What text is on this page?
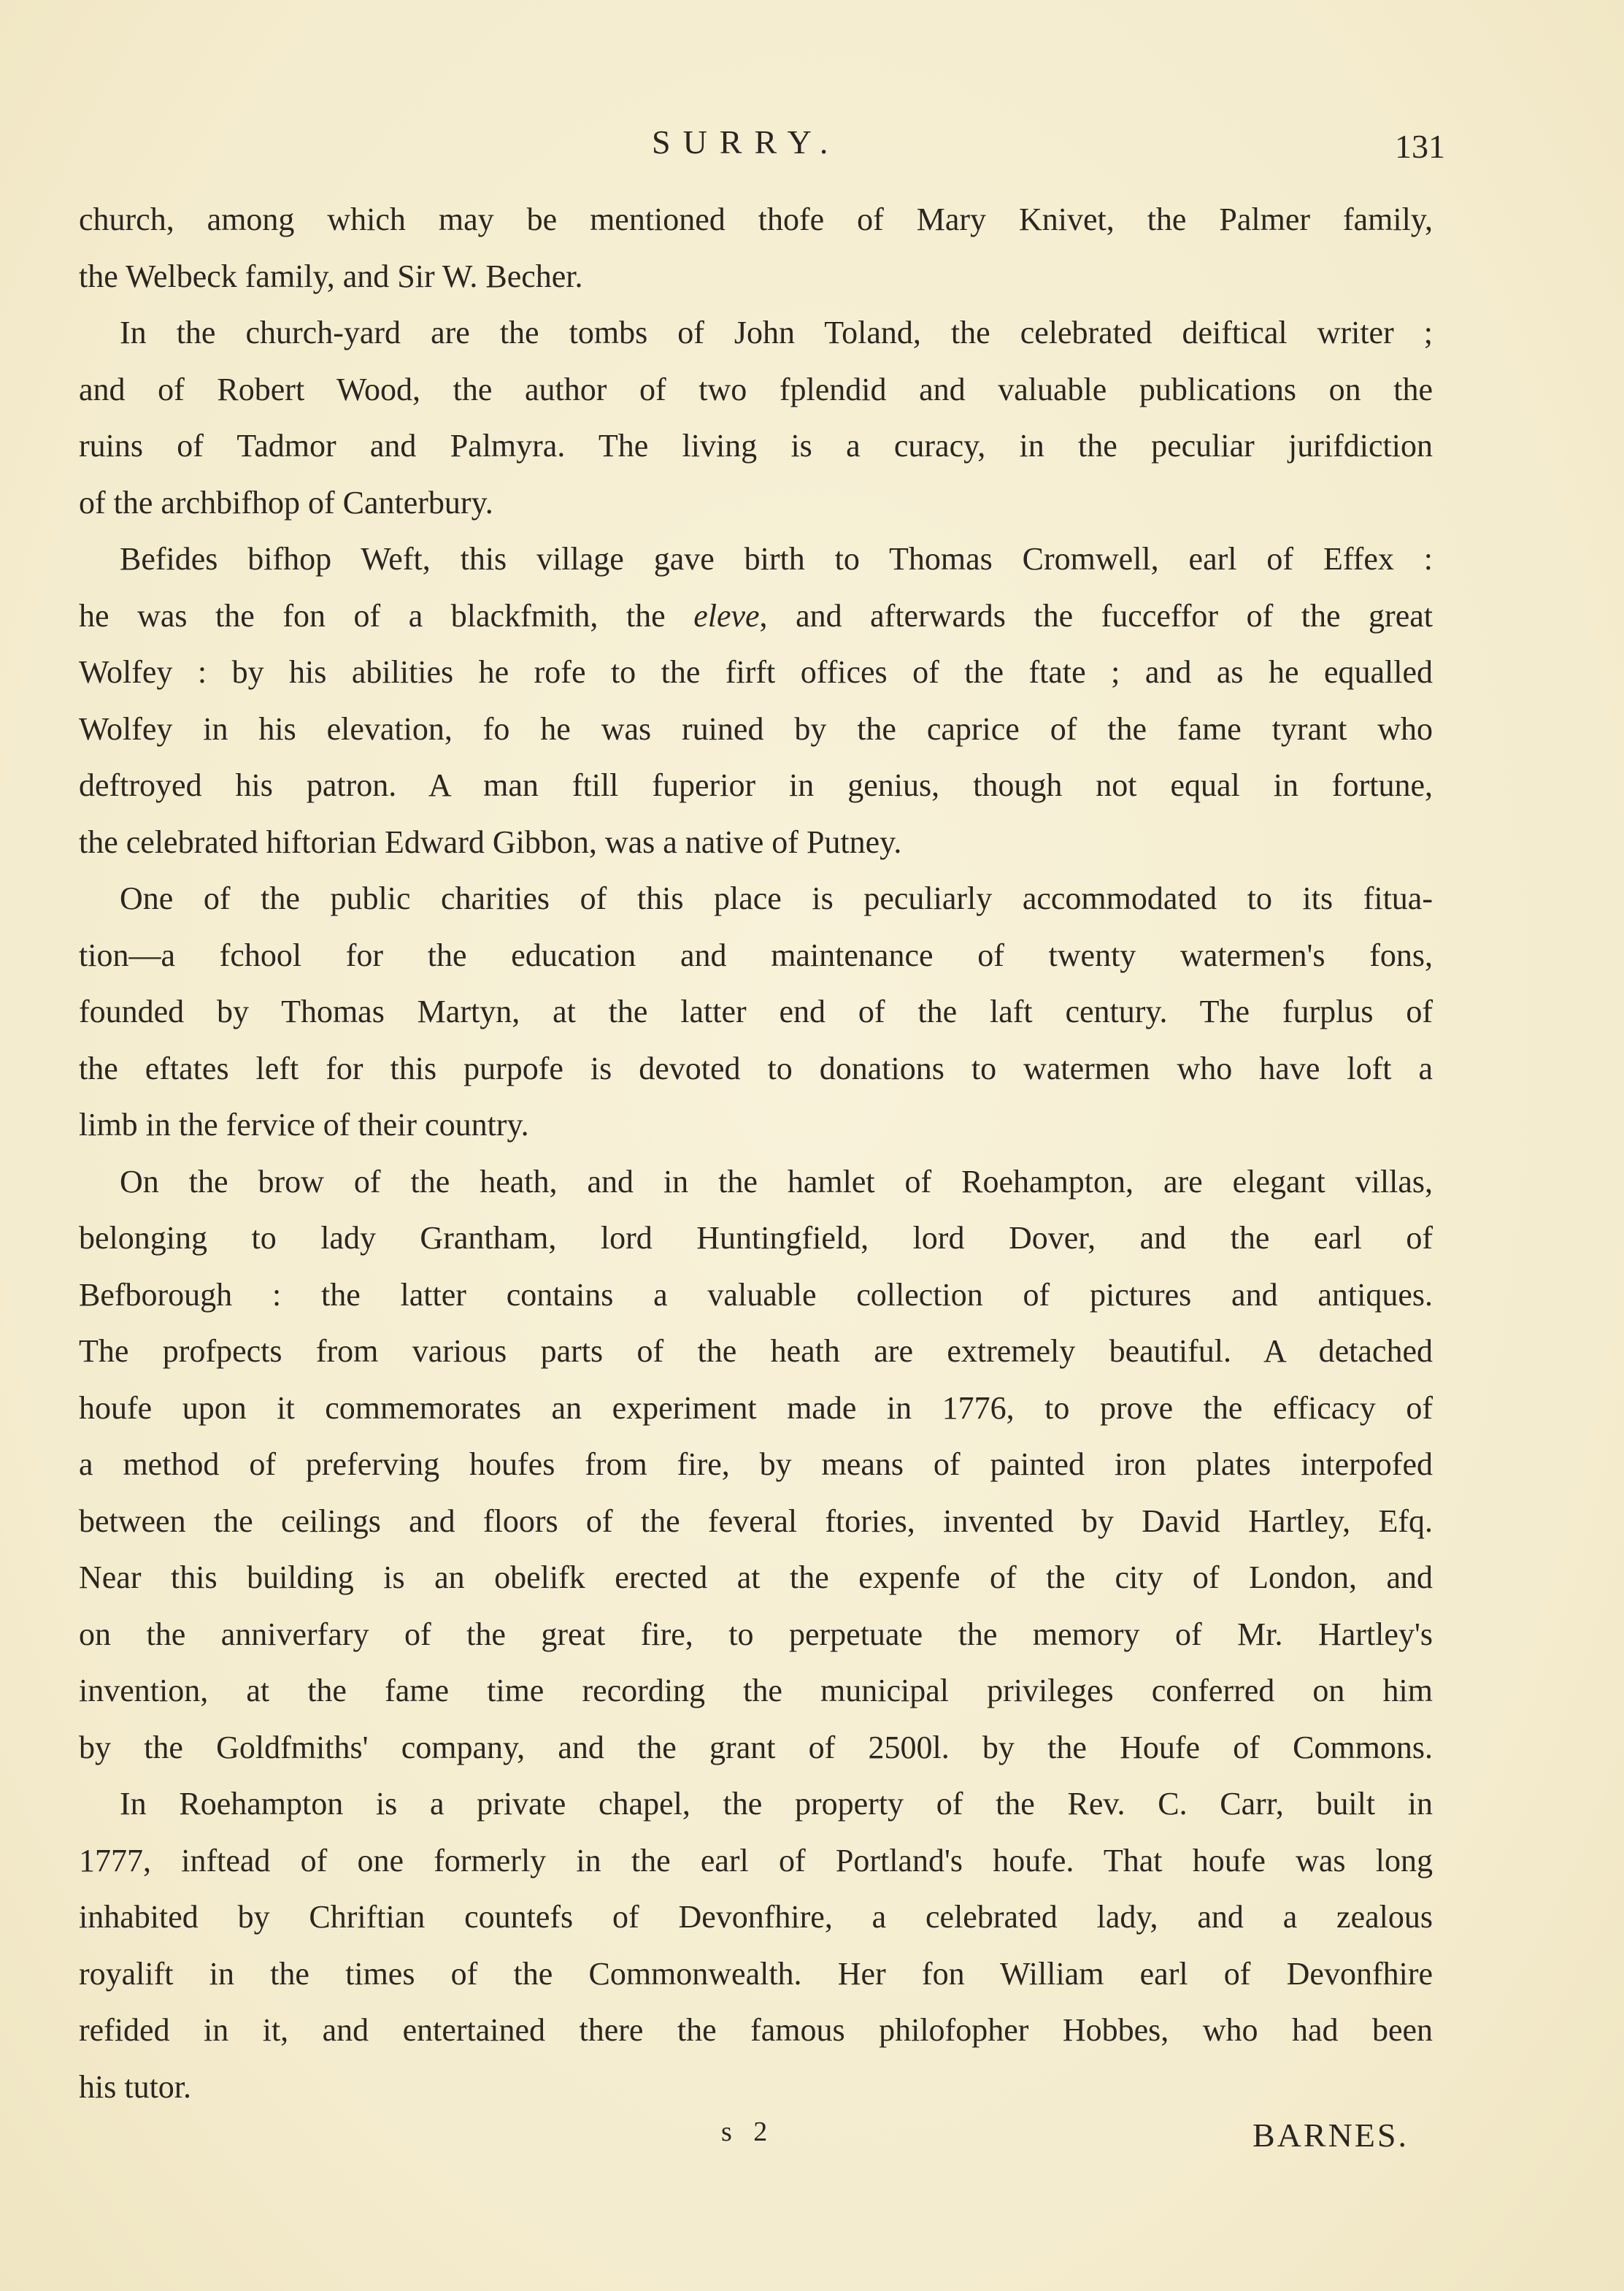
SURRY.	131
church, among which may be mentioned thofe of Mary Knivet, the Palmer family,
the Welbeck family, and Sir W. Becher.
In the church-yard are the tombs of John Toland, the celebrated deiftical writer ;
and of Robert Wood, the author of two fplendid and valuable publications on the
ruins of Tadmor and Palmyra. The living is a curacy, in the peculiar jurifdiction
of the archbifhop of Canterbury.
Befides bifhop Weft, this village gave birth to Thomas Cromwell, earl of Effex :
he was the fon of a blackfmith, the eleve, and afterwards the fucceffor of the great
Wolfey : by his abilities he rofe to the firft offices of the ftate ; and as he equalled
Wolfey in his elevation, fo he was ruined by the caprice of the fame tyrant who
deftroyed his patron. A man ftill fuperior in genius, though not equal in fortune,
the celebrated hiftorian Edward Gibbon, was a native of Putney.
One of the public charities of this place is peculiarly accommodated to its fitua-
tion—a fchool for the education and maintenance of twenty watermen's fons,
founded by Thomas Martyn, at the latter end of the laft century. The furplus of
the eftates left for this purpofe is devoted to donations to watermen who have loft a
limb in the fervice of their country.
On the brow of the heath, and in the hamlet of Roehampton, are elegant villas,
belonging to lady Grantham, lord Huntingfield, lord Dover, and the earl of
Befborough : the latter contains a valuable collection of pictures and antiques.
The profpects from various parts of the heath are extremely beautiful. A detached
houfe upon it commemorates an experiment made in 1776, to prove the efficacy of
a method of preferving houfes from fire, by means of painted iron plates interpofed
between the ceilings and floors of the feveral ftories, invented by David Hartley, Efq.
Near this building is an obelifk erected at the expenfe of the city of London, and
on the anniverfary of the great fire, to perpetuate the memory of Mr. Hartley's
invention, at the fame time recording the municipal privileges conferred on him
by the Goldfmiths' company, and the grant of 2500l. by the Houfe of Commons.
In Roehampton is a private chapel, the property of the Rev. C. Carr, built in
1777, inftead of one formerly in the earl of Portland's houfe. That houfe was long
inhabited by Chriftian countefs of Devonfhire, a celebrated lady, and a zealous
royalift in the times of the Commonwealth. Her fon William earl of Devonfhire
refided in it, and entertained there the famous philofopher Hobbes, who had been
his tutor.
s 2	BARNES.
